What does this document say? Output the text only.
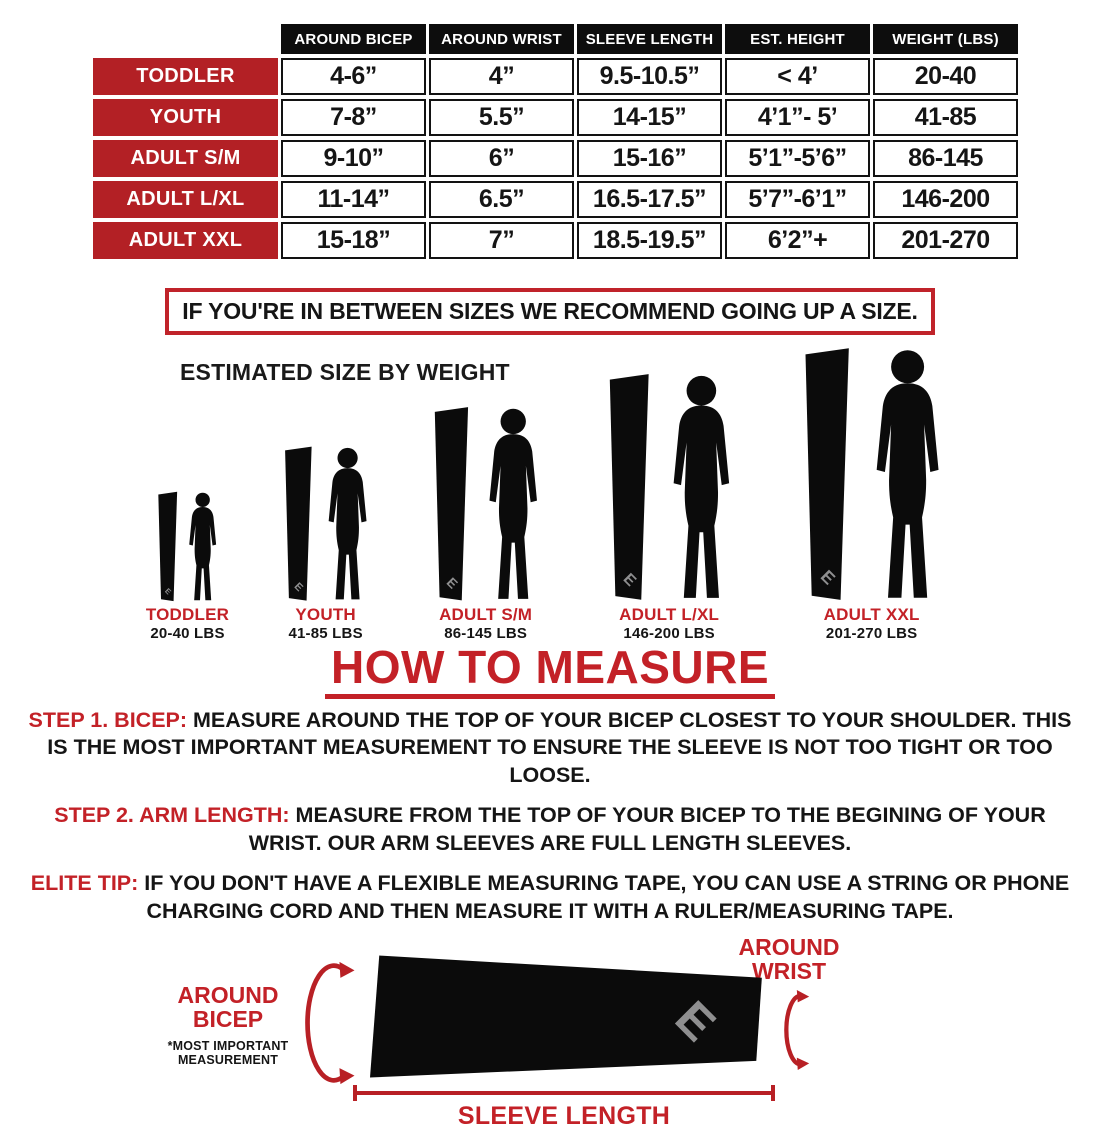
	AROUND BICEP	AROUND WRIST	SLEEVE LENGTH	EST. HEIGHT	WEIGHT (LBS)
TODDLER	4-6”	4”	9.5-10.5”	< 4’	20-40
YOUTH	7-8”	5.5”	14-15”	4’1”- 5’	41-85
ADULT S/M	9-10”	6”	15-16”	5’1”-5’6”	86-145
ADULT L/XL	11-14”	6.5”	16.5-17.5”	5’7”-6’1”	146-200
ADULT XXL	15-18”	7”	18.5-19.5”	6’2”+	201-270
IF YOU'RE IN BETWEEN SIZES WE RECOMMEND GOING UP A SIZE.
ESTIMATED SIZE BY WEIGHT
TODDLER
20-40 LBS
YOUTH
41-85 LBS
ADULT S/M
86-145 LBS
ADULT L/XL
146-200 LBS
ADULT XXL
201-270 LBS
HOW TO MEASURE

STEP 1. BICEP: MEASURE AROUND THE TOP OF YOUR BICEP CLOSEST TO YOUR SHOULDER. THIS IS THE MOST IMPORTANT MEASUREMENT TO ENSURE THE SLEEVE IS NOT TOO TIGHT OR TOO LOOSE.

STEP 2. ARM LENGTH: MEASURE FROM THE TOP OF YOUR BICEP TO THE BEGINING OF YOUR WRIST. OUR ARM SLEEVES ARE FULL LENGTH SLEEVES.

ELITE TIP: IF YOU DON'T HAVE A FLEXIBLE MEASURING TAPE, YOU CAN USE A STRING OR PHONE CHARGING CORD AND THEN MEASURE IT WITH A RULER/MEASURING TAPE.

AROUND WRIST
AROUND BICEP
*MOST IMPORTANT MEASUREMENT
E
SLEEVE LENGTH
